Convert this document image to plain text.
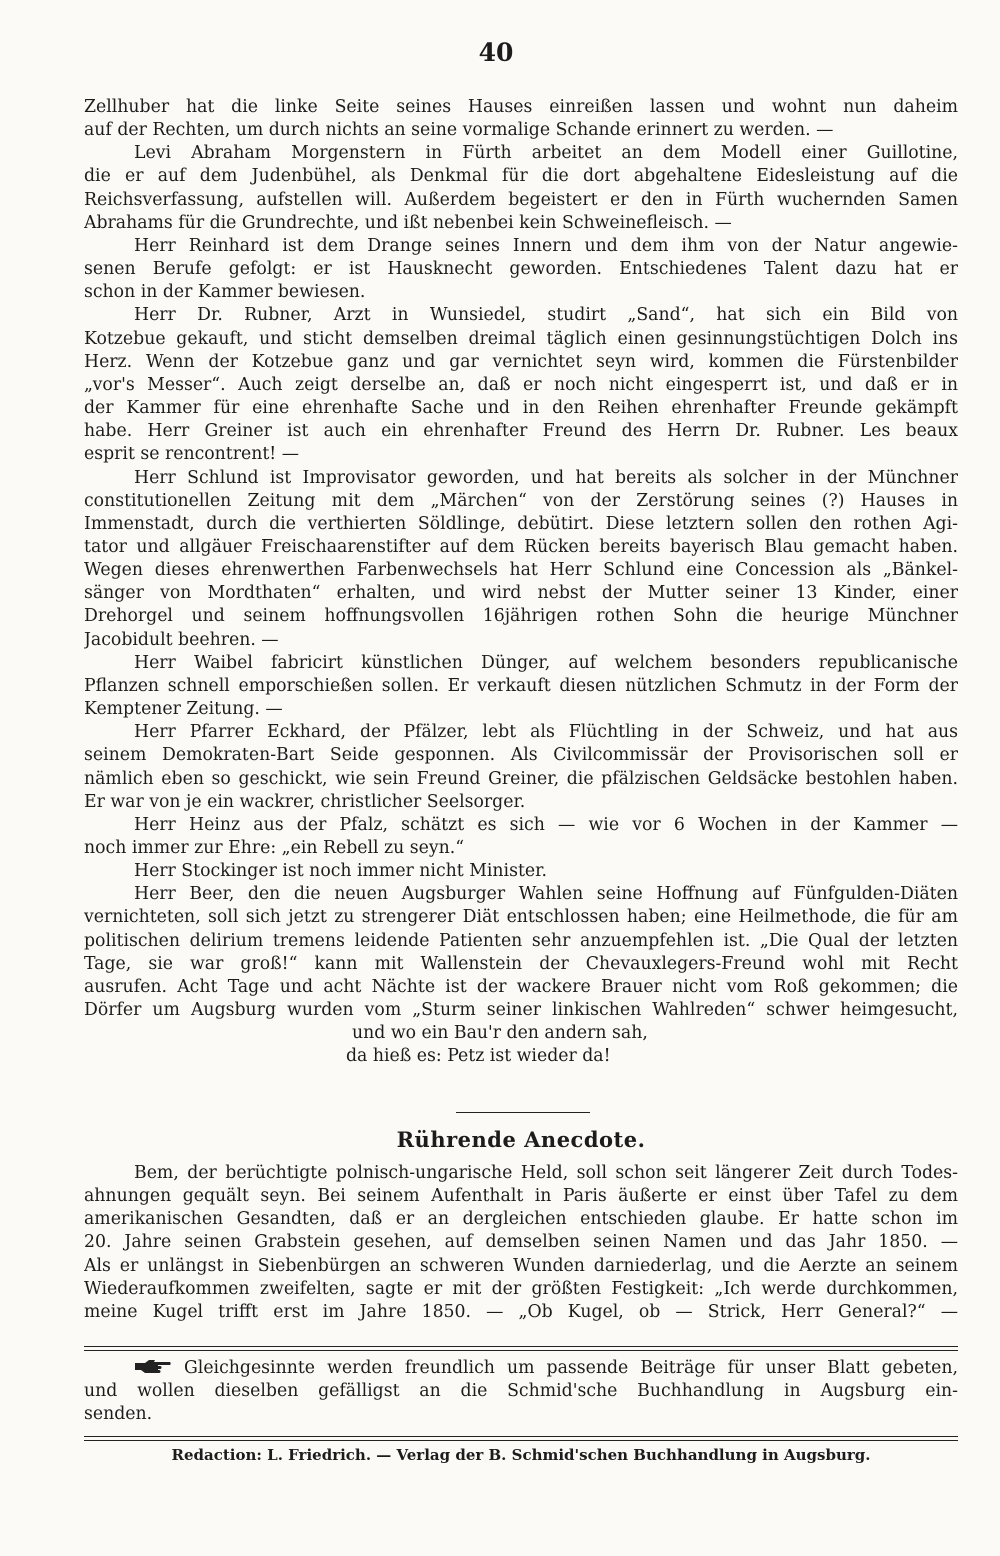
40
Zellhuber hat die linke Seite seines Hauses einreißen lassen und wohnt nun daheim
auf der Rechten, um durch nichts an seine vormalige Schande erinnert zu werden. —
Levi Abraham Morgenstern in Fürth arbeitet an dem Modell einer Guillotine,
die er auf dem Judenbühel, als Denkmal für die dort abgehaltene Eidesleistung auf die
Reichsverfassung, aufstellen will. Außerdem begeistert er den in Fürth wuchernden Samen
Abrahams für die Grundrechte, und ißt nebenbei kein Schweinefleisch. —
Herr Reinhard ist dem Drange seines Innern und dem ihm von der Natur angewie-
senen Berufe gefolgt: er ist Hausknecht geworden. Entschiedenes Talent dazu hat er
schon in der Kammer bewiesen.
Herr Dr. Rubner, Arzt in Wunsiedel, studirt „Sand“, hat sich ein Bild von
Kotzebue gekauft, und sticht demselben dreimal täglich einen gesinnungstüchtigen Dolch ins
Herz. Wenn der Kotzebue ganz und gar vernichtet seyn wird, kommen die Fürstenbilder
„vor's Messer“. Auch zeigt derselbe an, daß er noch nicht eingesperrt ist, und daß er in
der Kammer für eine ehrenhafte Sache und in den Reihen ehrenhafter Freunde gekämpft
habe. Herr Greiner ist auch ein ehrenhafter Freund des Herrn Dr. Rubner. Les beaux
esprit se rencontrent! —
Herr Schlund ist Improvisator geworden, und hat bereits als solcher in der Münchner
constitutionellen Zeitung mit dem „Märchen“ von der Zerstörung seines (?) Hauses in
Immenstadt, durch die verthierten Söldlinge, debütirt. Diese letztern sollen den rothen Agi-
tator und allgäuer Freischaarenstifter auf dem Rücken bereits bayerisch Blau gemacht haben.
Wegen dieses ehrenwerthen Farbenwechsels hat Herr Schlund eine Concession als „Bänkel-
sänger von Mordthaten“ erhalten, und wird nebst der Mutter seiner 13 Kinder, einer
Drehorgel und seinem hoffnungsvollen 16jährigen rothen Sohn die heurige Münchner
Jacobidult beehren. —
Herr Waibel fabricirt künstlichen Dünger, auf welchem besonders republicanische
Pflanzen schnell emporschießen sollen. Er verkauft diesen nützlichen Schmutz in der Form der
Kemptener Zeitung. —
Herr Pfarrer Eckhard, der Pfälzer, lebt als Flüchtling in der Schweiz, und hat aus
seinem Demokraten-Bart Seide gesponnen. Als Civilcommissär der Provisorischen soll er
nämlich eben so geschickt, wie sein Freund Greiner, die pfälzischen Geldsäcke bestohlen haben.
Er war von je ein wackrer, christlicher Seelsorger.
Herr Heinz aus der Pfalz, schätzt es sich — wie vor 6 Wochen in der Kammer —
noch immer zur Ehre: „ein Rebell zu seyn.“
Herr Stockinger ist noch immer nicht Minister.
Herr Beer, den die neuen Augsburger Wahlen seine Hoffnung auf Fünfgulden-Diäten
vernichteten, soll sich jetzt zu strengerer Diät entschlossen haben; eine Heilmethode, die für am
politischen delirium tremens leidende Patienten sehr anzuempfehlen ist. „Die Qual der letzten
Tage, sie war groß!“ kann mit Wallenstein der Chevauxlegers-Freund wohl mit Recht
ausrufen. Acht Tage und acht Nächte ist der wackere Brauer nicht vom Roß gekommen; die
Dörfer um Augsburg wurden vom „Sturm seiner linkischen Wahlreden“ schwer heimgesucht,
und wo ein Bau'r den andern sah,
da hieß es: Petz ist wieder da!
Rührende Anecdote.
Bem, der berüchtigte polnisch-ungarische Held, soll schon seit längerer Zeit durch Todes-
ahnungen gequält seyn. Bei seinem Aufenthalt in Paris äußerte er einst über Tafel zu dem
amerikanischen Gesandten, daß er an dergleichen entschieden glaube. Er hatte schon im
20. Jahre seinen Grabstein gesehen, auf demselben seinen Namen und das Jahr 1850. —
Als er unlängst in Siebenbürgen an schweren Wunden darniederlag, und die Aerzte an seinem
Wiederaufkommen zweifelten, sagte er mit der größten Festigkeit: „Ich werde durchkommen,
meine Kugel trifft erst im Jahre 1850. — „Ob Kugel, ob — Strick, Herr General?“ —
Gleichgesinnte werden freundlich um passende Beiträge für unser Blatt gebeten,
und wollen dieselben gefälligst an die Schmid'sche Buchhandlung in Augsburg ein-
senden.
Redaction: L. Friedrich. — Verlag der B. Schmid'schen Buchhandlung in Augsburg.
